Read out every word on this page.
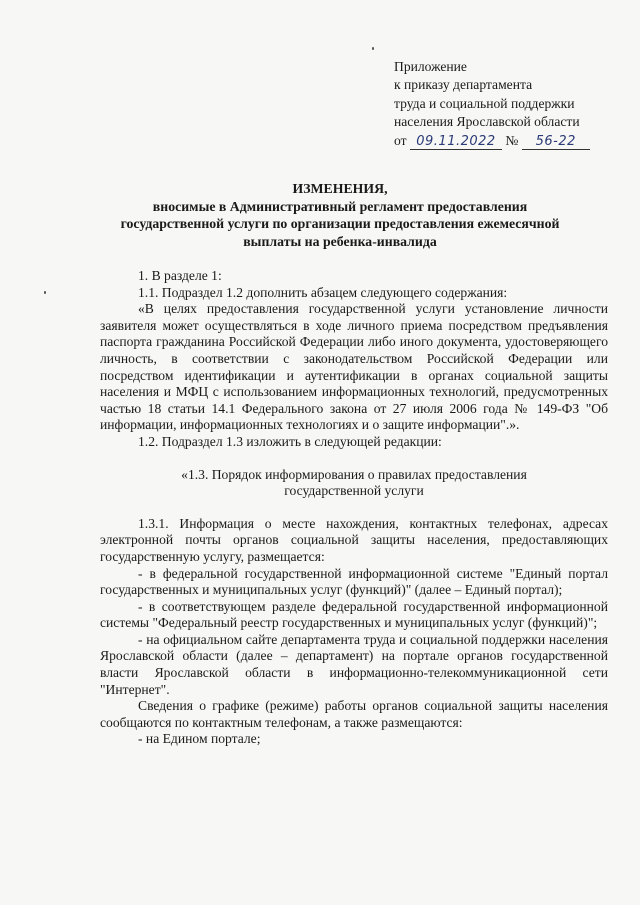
Приложение
к приказу департамента
труда и социальной поддержки
населения Ярославской области
от 09.11.2022 № 56-22
ИЗМЕНЕНИЯ,
вносимые в Административный регламент предоставления
государственной услуги по организации предоставления ежемесячной
выплаты на ребенка-инвалида

1. В разделе 1:

1.1. Подраздел 1.2 дополнить абзацем следующего содержания:

«В целях предоставления государственной услуги установление личности заявителя может осуществляться в ходе личного приема посредством предъявления паспорта гражданина Российской Федерации либо иного документа, удостоверяющего личность, в соответствии с законодательством Российской Федерации или посредством идентификации и аутентификации в органах социальной защиты населения и МФЦ с использованием информационных технологий, предусмотренных частью 18 статьи 14.1 Федерального закона от 27 июля 2006 года № 149-ФЗ "Об информации, информационных технологиях и о защите информации".».

1.2. Подраздел 1.3 изложить в следующей редакции:

«1.3. Порядок информирования о правилах предоставления

государственной услуги

1.3.1. Информация о месте нахождения, контактных телефонах, адресах электронной почты органов социальной защиты населения, предоставляющих государственную услугу, размещается:

- в федеральной государственной информационной системе "Единый портал государственных и муниципальных услуг (функций)" (далее – Единый портал);

- в соответствующем разделе федеральной государственной информационной системы "Федеральный реестр государственных и муниципальных услуг (функций)";

- на официальном сайте департамента труда и социальной поддержки населения Ярославской области (далее – департамент) на портале органов государственной власти Ярославской области в информационно-телекоммуникационной сети "Интернет".

Сведения о графике (режиме) работы органов социальной защиты населения сообщаются по контактным телефонам, а также размещаются:

- на Едином портале;
